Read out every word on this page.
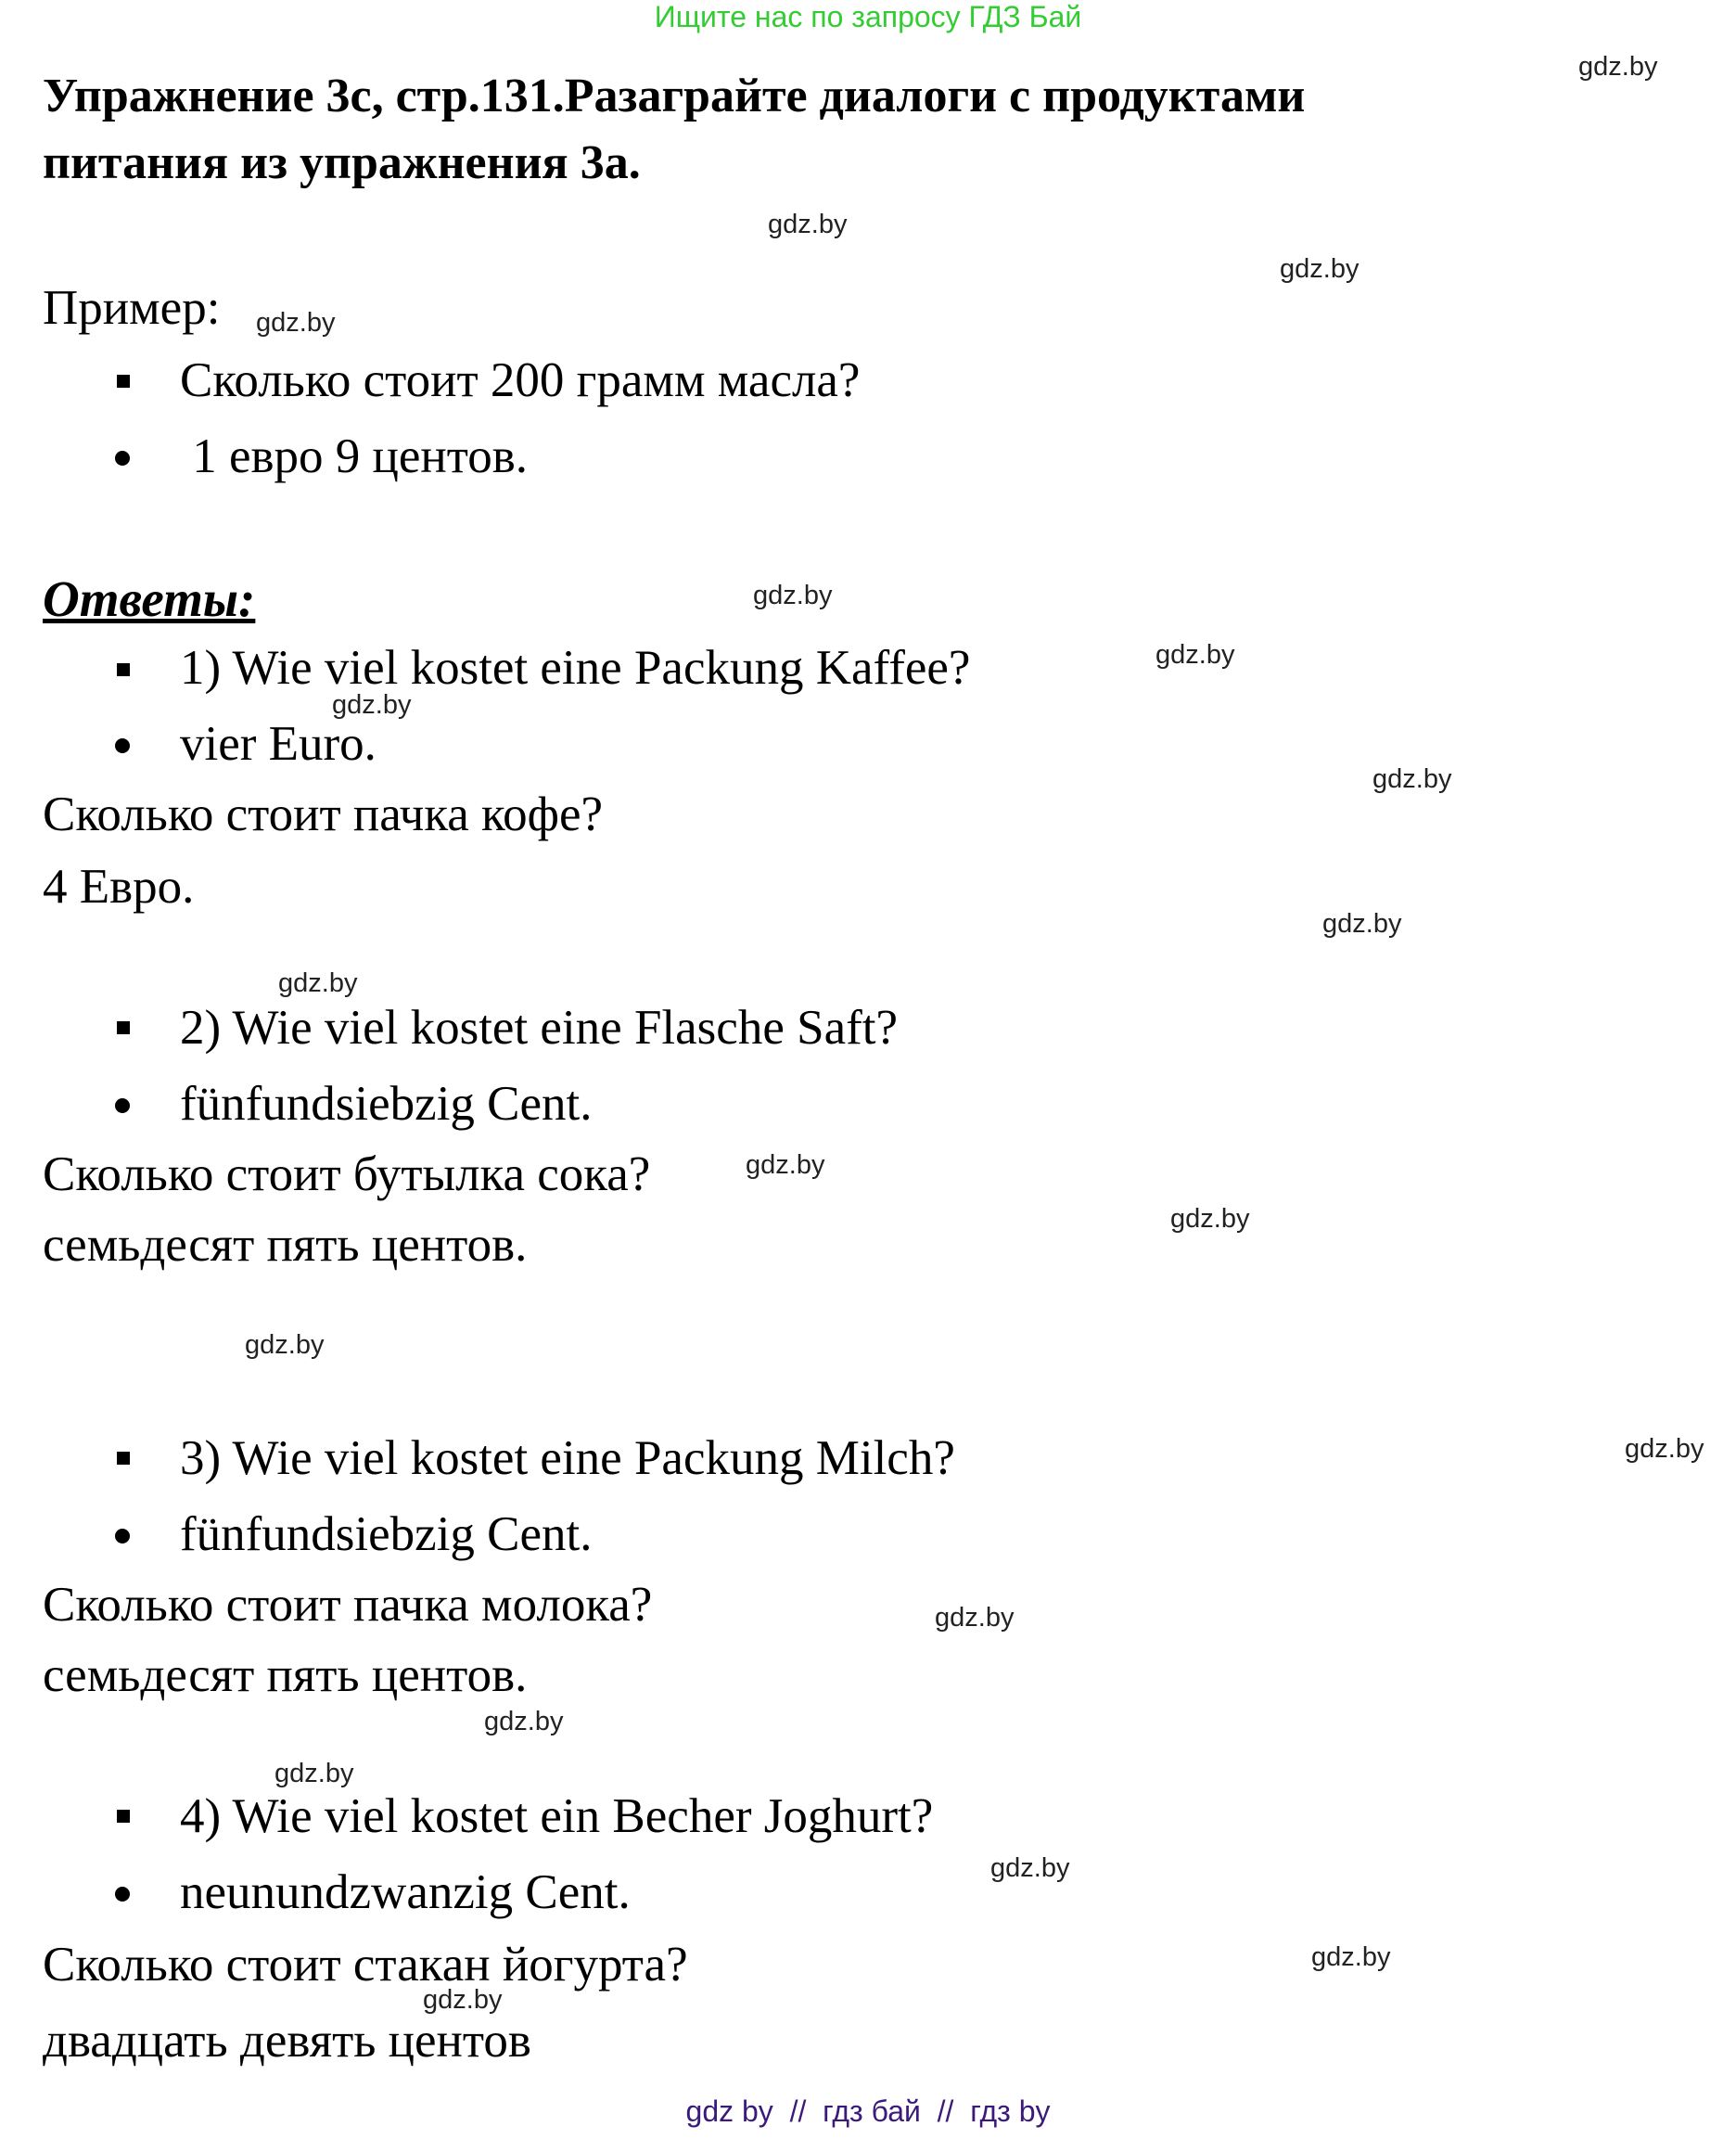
Ищите нас по запросу ГДЗ Бай
Упражнение 3c, стр.131.Разаграйте диалоги с продуктами
питания из упражнения 3a.
Пример:
Сколько стоит 200 грамм масла?
1 евро 9 центов.
Ответы:
1) Wie viel kostet eine Packung Kaffee?
vier Euro.
Сколько стоит пачка кофе?
4 Евро.
2) Wie viel kostet eine Flasche Saft?
fünfundsiebzig Cent.
Сколько стоит бутылка сока?
семьдесят пять центов.
3) Wie viel kostet eine Packung Milch?
fünfundsiebzig Cent.
Сколько стоит пачка молока?
семьдесят пять центов.
4) Wie viel kostet ein Becher Joghurt?
neunundzwanzig Cent.
Сколько стоит стакан йогурта?
двадцать девять центов
gdz.by
gdz.by
gdz.by
gdz.by
gdz.by
gdz.by
gdz.by
gdz.by
gdz.by
gdz.by
gdz.by
gdz.by
gdz.by
gdz.by
gdz.by
gdz.by
gdz.by
gdz.by
gdz.by
gdz.by
gdz by  //  гдз бай  //  гдз by
